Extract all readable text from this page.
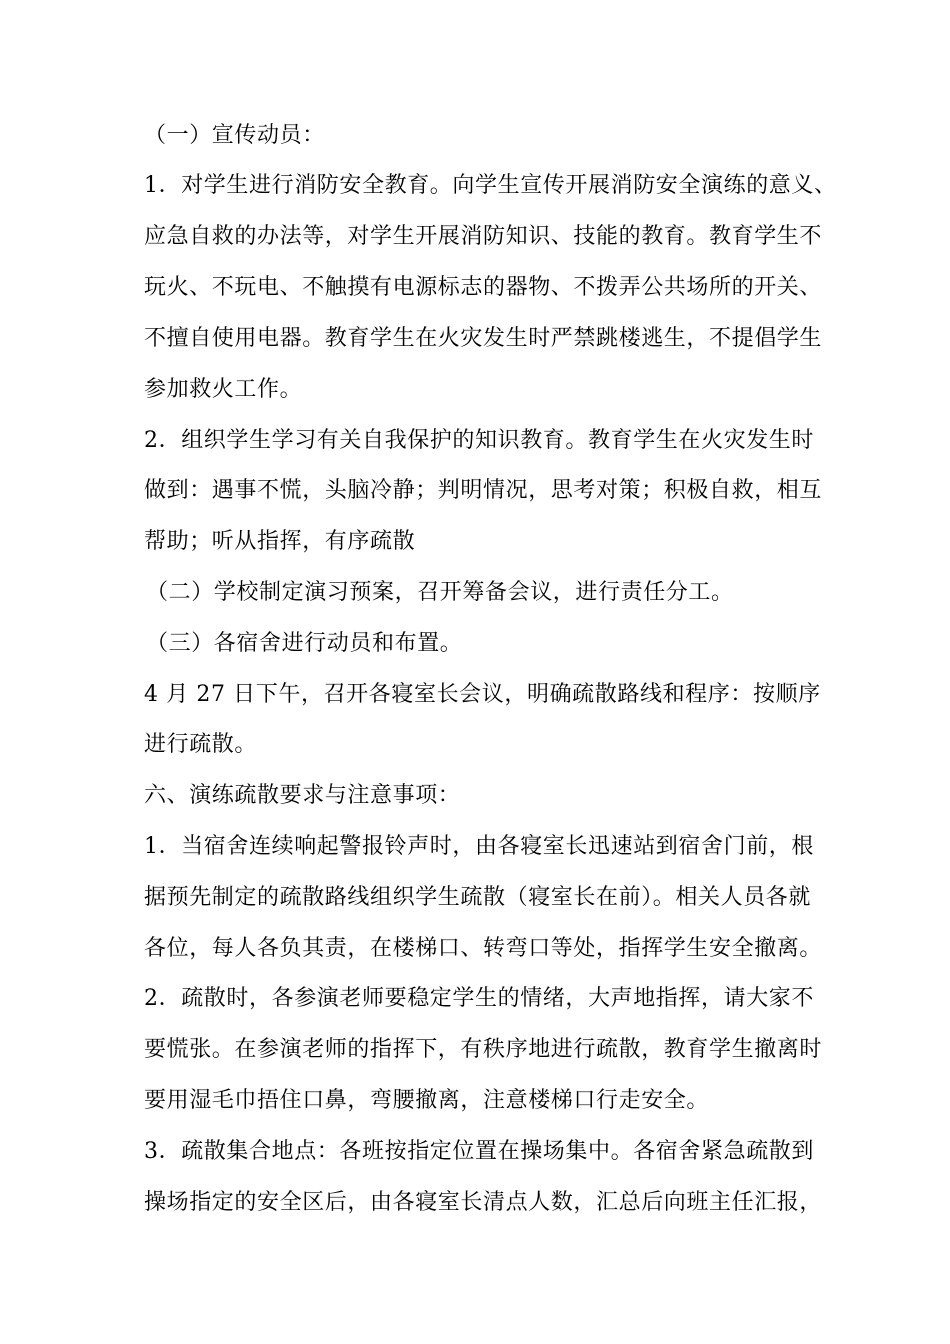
（一）宣传动员：
1．对学生进行消防安全教育。向学生宣传开展消防安全演练的意义、
应急自救的办法等，对学生开展消防知识、技能的教育。教育学生不
玩火、不玩电、不触摸有电源标志的器物、不拨弄公共场所的开关、
不擅自使用电器。教育学生在火灾发生时严禁跳楼逃生，不提倡学生
参加救火工作。
2．组织学生学习有关自我保护的知识教育。教育学生在火灾发生时
做到：遇事不慌，头脑冷静；判明情况，思考对策；积极自救，相互
帮助；听从指挥，有序疏散
（二）学校制定演习预案，召开筹备会议，进行责任分工。
（三）各宿舍进行动员和布置。
4 月 27 日下午，召开各寝室长会议，明确疏散路线和程序：按顺序
进行疏散。
六、演练疏散要求与注意事项：
1．当宿舍连续响起警报铃声时，由各寝室长迅速站到宿舍门前，根
据预先制定的疏散路线组织学生疏散（寝室长在前）。相关人员各就
各位，每人各负其责，在楼梯口、转弯口等处，指挥学生安全撤离。
2．疏散时，各参演老师要稳定学生的情绪，大声地指挥，请大家不
要慌张。在参演老师的指挥下，有秩序地进行疏散，教育学生撤离时
要用湿毛巾捂住口鼻，弯腰撤离，注意楼梯口行走安全。
3．疏散集合地点：各班按指定位置在操场集中。各宿舍紧急疏散到
操场指定的安全区后，由各寝室长清点人数，汇总后向班主任汇报，
